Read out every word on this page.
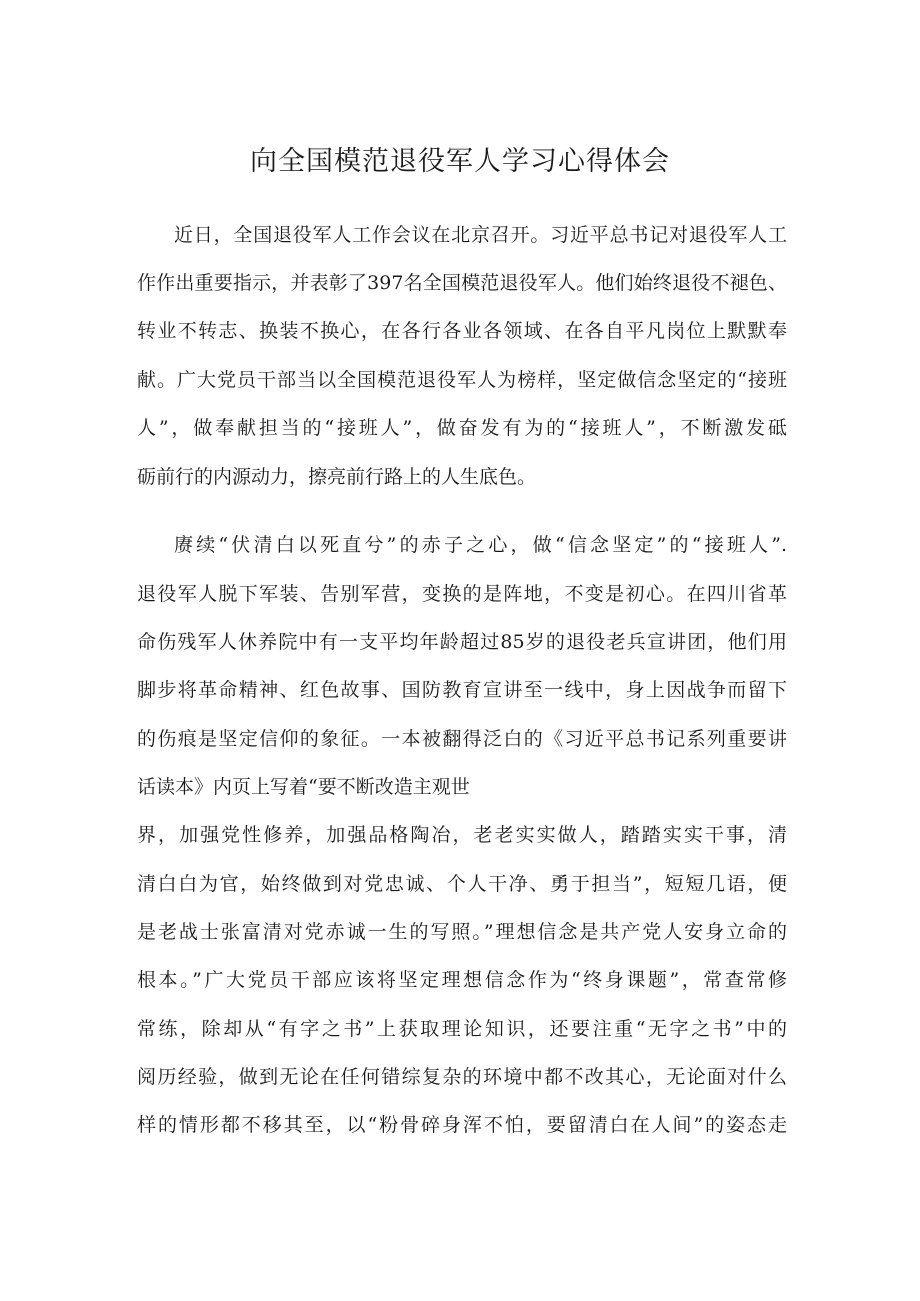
向全国模范退役军人学习心得体会
近日，全国退役军人工作会议在北京召开。习近平总书记对退役军人工
作作出重要指示，并表彰了397名全国模范退役军人。他们始终退役不褪色、
转业不转志、换装不换心，在各行各业各领域、在各自平凡岗位上默默奉
献。广大党员干部当以全国模范退役军人为榜样，坚定做信念坚定的“接班
人”，做奉献担当的“接班人”，做奋发有为的“接班人”，不断激发砥
砺前行的内源动力，擦亮前行路上的人生底色。
赓续“伏清白以死直兮”的赤子之心，做“信念坚定”的“接班人”.
退役军人脱下军装、告别军营，变换的是阵地，不变是初心。在四川省革
命伤残军人休养院中有一支平均年龄超过85岁的退役老兵宣讲团，他们用
脚步将革命精神、红色故事、国防教育宣讲至一线中，身上因战争而留下
的伤痕是坚定信仰的象征。一本被翻得泛白的《习近平总书记系列重要讲
话读本》内页上写着“要不断改造主观世
界，加强党性修养，加强品格陶冶，老老实实做人，踏踏实实干事，清
清白白为官，始终做到对党忠诚、个人干净、勇于担当”，短短几语，便
是老战士张富清对党赤诚一生的写照。”理想信念是共产党人安身立命的
根本。”广大党员干部应该将坚定理想信念作为“终身课题”，常查常修
常练，除却从“有字之书”上获取理论知识，还要注重“无字之书”中的
阅历经验，做到无论在任何错综复杂的环境中都不改其心，无论面对什么
样的情形都不移其至，以“粉骨碎身浑不怕，要留清白在人间”的姿态走
